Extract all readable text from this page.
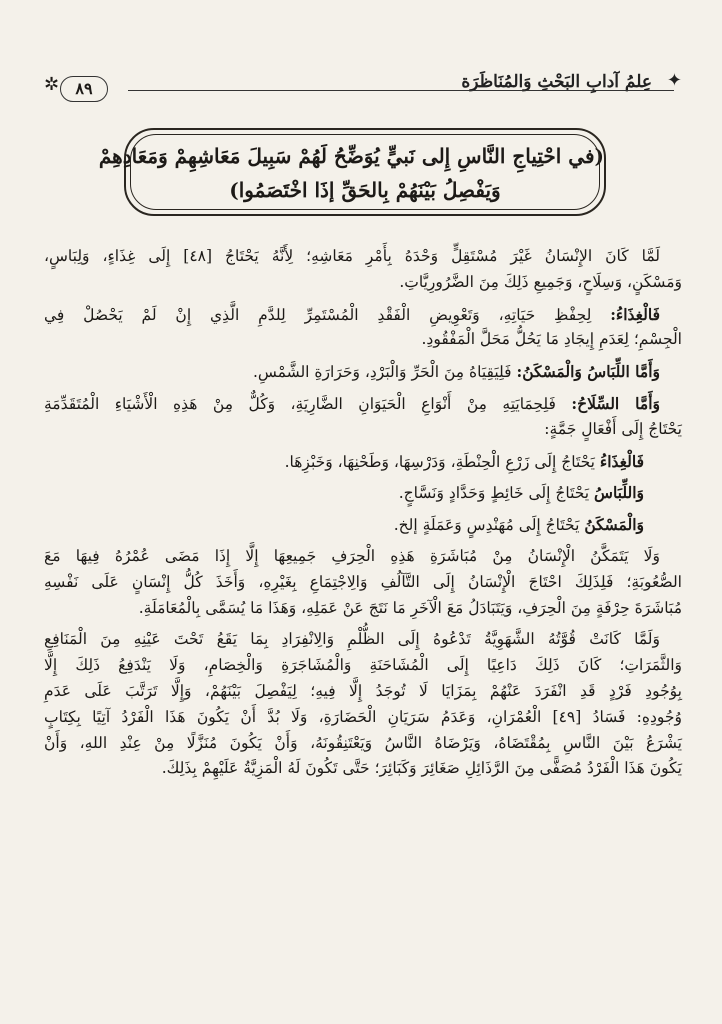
✦
عِلمُ آدابِ البَحْثِ وَالمُنَاظَرَة
✲	٨٩
(في احْتِياجِ النَّاسِ إِلى نَبيٍّ يُوَضِّحُ لَهُمْ سَبِيلَ مَعَاشِهِمْ وَمَعَادِهِمْ
وَيَفْصِلُ بَيْنَهُمْ بِالحَقِّ إذَا اخْتَصَمُوا)
لَمَّا كَانَ الإِنْسَانُ غَيْرَ مُسْتَقِلٍّ وَحْدَهُ بِأَمْرِ مَعَاشِهِ؛ لِأَنَّهُ يَحْتَاجُ [٤٨] إِلَى غِذَاءٍ، وَلِبَاسٍ،
وَمَسْكَنٍ، وَسِلَاحٍ، وَجَمِيعِ ذَلِكَ مِنَ الضَّرُورِيَّاتِ.
فَالْغِذَاءُ: لِحِفْظِ حَيَاتِهِ، وَتَعْوِيضِ الْفَقْدِ الْمُسْتَمِرِّ لِلدَّمِ الَّذِي إِنْ لَمْ يَحْصُلْ فِي
الْجِسْمِ؛ لِعَدَمِ إِيجَادِ مَا يَحُلُّ مَحَلَّ الْمَفْقُودِ.
وَأَمَّا اللِّبَاسُ وَالْمَسْكَنُ: فَلِيَقِيَاهُ مِنَ الْحَرِّ وَالْبَرْدِ، وَحَرَارَةِ الشَّمْسِ.
وَأَمَّا السِّلَاحُ: فَلِحِمَايَتِهِ مِنْ أَنْوَاعِ الْحَيَوَانِ الضَّارِيَةِ، وَكُلٌّ مِنْ هَذِهِ الْأَشْيَاءِ الْمُتَقَدِّمَةِ
يَحْتَاجُ إِلَى أَفْعَالٍ جَمَّةٍ:
فَالْغِذَاءُ يَحْتَاجُ إِلَى زَرْعِ الْحِنْطَةِ، وَدَرْسِهَا، وَطَحْنِهَا، وَخَبْزِهَا.
وَاللِّبَاسُ يَحْتَاجُ إِلَى خَائِطٍ وَحَدَّادٍ وَنَسَّاجٍ.
وَالْمَسْكَنُ يَحْتَاجُ إِلَى مُهَنْدِسٍ وَعَمَلَةٍ إلخ.
وَلَا يَتَمَكَّنُ الْإِنْسَانُ مِنْ مُبَاشَرَةِ هَذِهِ الْحِرَفِ جَمِيعِهَا إِلَّا إِذَا مَضَى عُمْرُهُ فِيهَا مَعَ
الصُّعُوبَةِ؛ فَلِذَلِكَ احْتَاجَ الْإِنْسَانُ إِلَى التَّآلُفِ وَالِاجْتِمَاعِ بِغَيْرِهِ، وَأَخَذَ كُلُّ إِنْسَانٍ عَلَى نَفْسِهِ
مُبَاشَرَةَ حِرْفَةٍ مِنَ الْحِرَفِ، وَيَتَبَادَلُ مَعَ الْآخَرِ مَا نَتَجَ عَنْ عَمَلِهِ، وَهَذَا مَا يُسَمَّى بِالْمُعَامَلَةِ.
وَلَمَّا كَانَتْ قُوَّتُهُ الشَّهَوِيَّةُ تَدْعُوهُ إِلَى الظُّلْمِ وَالِانْفِرَادِ بِمَا يَقَعُ تَحْتَ عَيْنِهِ مِنَ الْمَنَافِعِ
وَالثَّمَرَاتِ؛ كَانَ ذَلِكَ دَاعِيًا إِلَى الْمُشَاحَنَةِ وَالْمُشَاجَرَةِ وَالْخِصَامِ، وَلَا يَنْدَفِعُ ذَلِكَ إِلَّا
بِوُجُودِ فَرْدٍ قَدِ انْفَرَدَ عَنْهُمْ بِمَزَايَا لَا تُوجَدُ إِلَّا فِيهِ؛ لِيَفْصِلَ بَيْنَهُمْ، وَإِلَّا تَرَتَّبَ عَلَى عَدَمِ
وُجُودِهِ: فَسَادُ [٤٩] الْعُمْرَانِ، وَعَدَمُ سَرَيَانِ الْحَضَارَةِ، وَلَا بُدَّ أَنْ يَكُونَ هَذَا الْفَرْدُ آتِيًا بِكِتَابٍ
يَشْرَعُ بَيْنَ النَّاسِ بِمُقْتَضَاهُ، وَيَرْضَاهُ النَّاسُ وَيَعْتَنِقُونَهُ، وَأَنْ يَكُونَ مُنَزَّلًا مِنْ عِنْدِ اللهِ، وَأَنْ
يَكُونَ هَذَا الْفَرْدُ مُصَفًّى مِنَ الرَّذَائِلِ صَغَائِرَ وَكَبَائِرَ؛ حَتَّى تَكُونَ لَهُ الْمَزِيَّةُ عَلَيْهِمْ بِذَلِكَ.
